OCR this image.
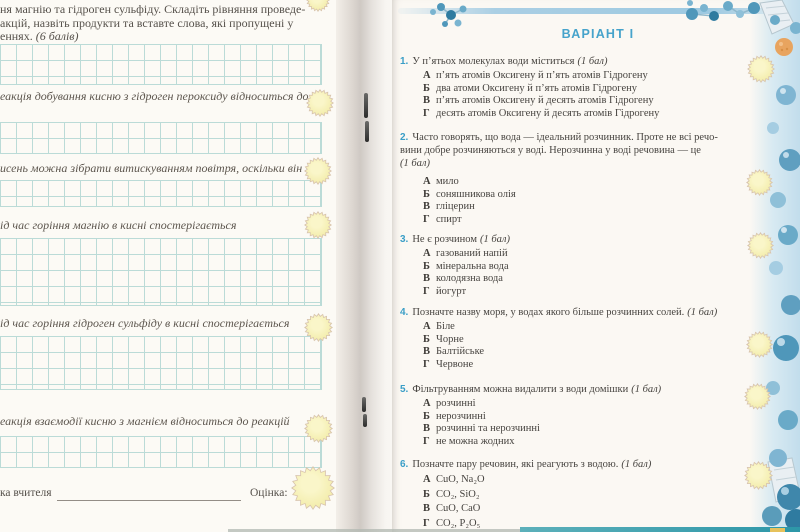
ня магнію та гідроген сульфіду. Складіть рівняння проведе-
акцій, назвіть продукти та вставте слова, які пропущені у
еннях. (6 балів)
еакція добування кисню з гідроген пероксиду відноситься до
исень можна зібрати витискуванням повітря, оскільки він
ід час горіння магнію в кисні спостерігається
ід час горіння гідроген сульфіду в кисні спостерігається
еакція взаємодії кисню з магнієм відноситься до реакцій
ка вчителя	Оцінка:
ВАРІАНТ І
1. У п’ятьох молекулах води міститься (1 бал)
А п’ять атомів Оксигену й п’ять атомів Гідрогену
Б два атоми Оксигену й п’ять атомів Гідрогену
В п’ять атомів Оксигену й десять атомів Гідрогену
Г десять атомів Оксигену й десять атомів Гідрогену
2. Часто говорять, що вода — ідеальний розчинник. Проте не всі речо-
вини добре розчиняються у воді. Нерозчинна у воді речовина — це
(1 бал)
А мило
Б соняшникова олія
В гліцерин
Г спирт
3. Не є розчином (1 бал)
А газований напій
Б мінеральна вода
В колодязна вода
Г йогурт
4. Позначте назву моря, у водах якого більше розчинних солей. (1 бал)
А Біле
Б Чорне
В Балтійське
Г Червоне
5. Фільтруванням можна видалити з води домішки (1 бал)
А розчинні
Б нерозчинні
В розчинні та нерозчинні
Г не можна жодних
6. Позначте пару речовин, які реагують з водою. (1 бал)
А CuO, Na₂O
Б CO₂, SiO₂
В CuO, CaO
Г CO₂, P₂O₅
